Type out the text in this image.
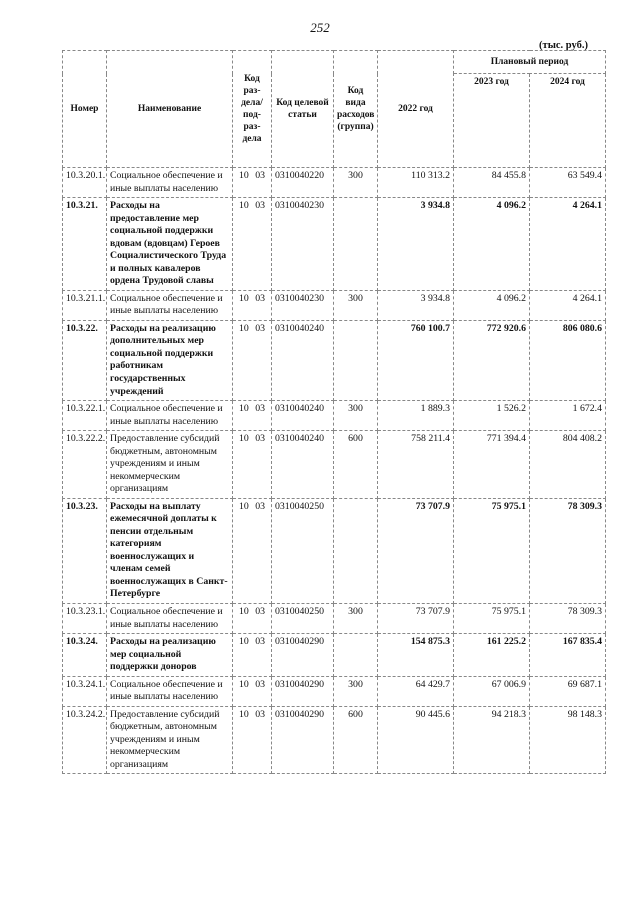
252
(тыс. руб.)
Номер	Наименование	Код раз-дела/ под-раз-дела	Код целевой статьи	Код вида расходов (группа)	2022 год	Плановый период	
						2023 год	2024 год
10.3.20.1.	Социальное обеспечение и иные выплаты населению	10 03	0310040220	300	110 313.2	84 455.8	63 549.4
10.3.21.	Расходы на предоставление мер социальной поддержки вдовам (вдовцам) Героев Социалистического Труда и полных кавалеров ордена Трудовой славы	10 03	0310040230		3 934.8	4 096.2	4 264.1
10.3.21.1.	Социальное обеспечение и иные выплаты населению	10 03	0310040230	300	3 934.8	4 096.2	4 264.1
10.3.22.	Расходы на реализацию дополнительных мер социальной поддержки работникам государственных учреждений	10 03	0310040240		760 100.7	772 920.6	806 080.6
10.3.22.1.	Социальное обеспечение и иные выплаты населению	10 03	0310040240	300	1 889.3	1 526.2	1 672.4
10.3.22.2.	Предоставление субсидий бюджетным, автономным учреждениям и иным некоммерческим организациям	10 03	0310040240	600	758 211.4	771 394.4	804 408.2
10.3.23.	Расходы на выплату ежемесячной доплаты к пенсии отдельным категориям военнослужащих и членам семей военнослужащих в Санкт-Петербурге	10 03	0310040250		73 707.9	75 975.1	78 309.3
10.3.23.1.	Социальное обеспечение и иные выплаты населению	10 03	0310040250	300	73 707.9	75 975.1	78 309.3
10.3.24.	Расходы на реализацию мер социальной поддержки доноров	10 03	0310040290		154 875.3	161 225.2	167 835.4
10.3.24.1.	Социальное обеспечение и иные выплаты населению	10 03	0310040290	300	64 429.7	67 006.9	69 687.1
10.3.24.2.	Предоставление субсидий бюджетным, автономным учреждениям и иным некоммерческим организациям	10 03	0310040290	600	90 445.6	94 218.3	98 148.3
